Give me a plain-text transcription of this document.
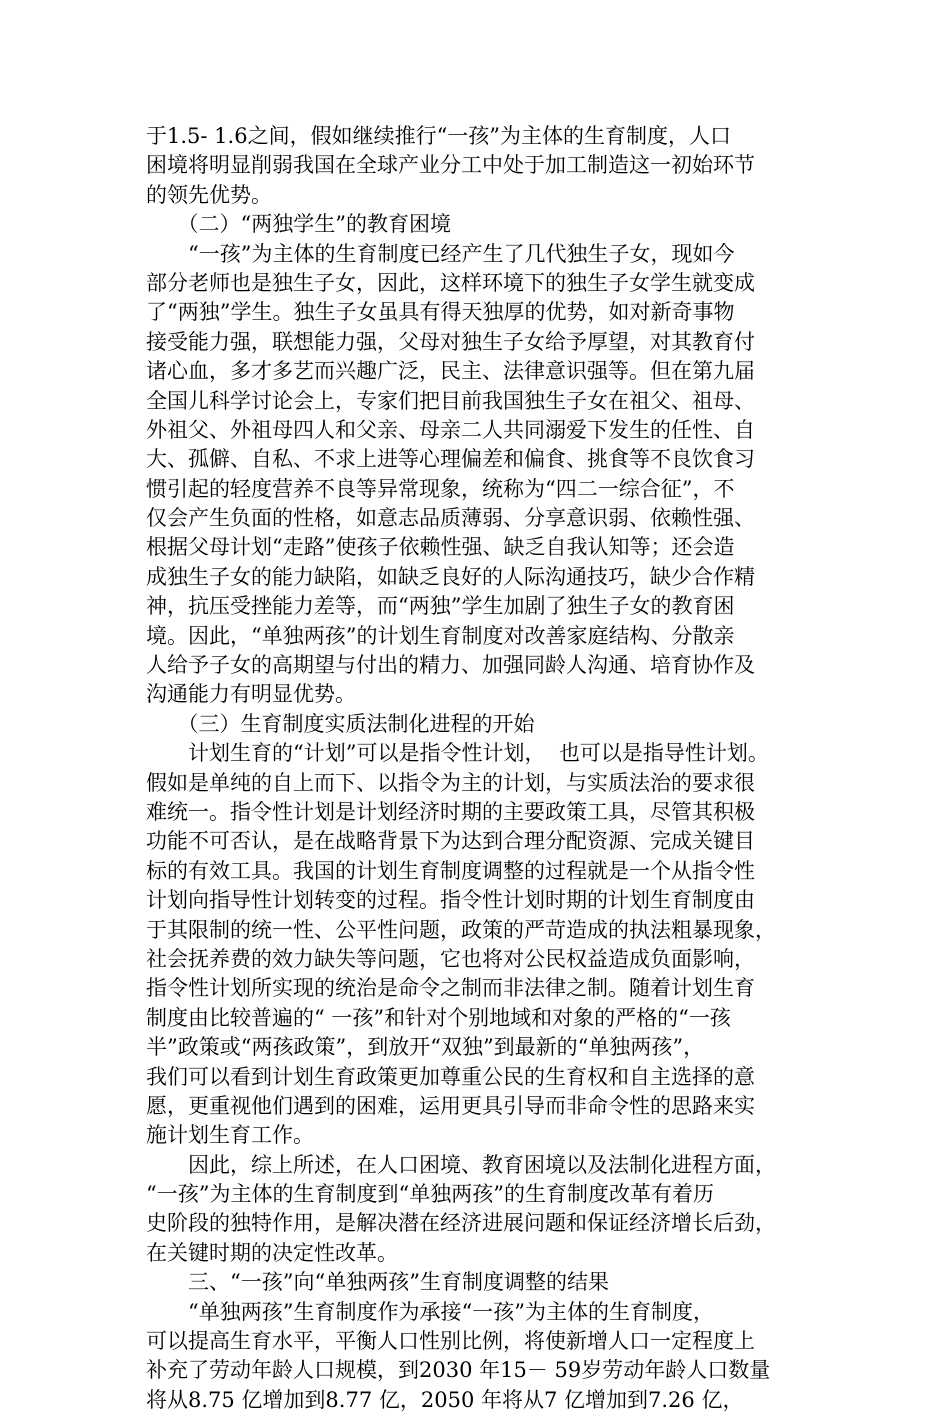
于1.5- 1.6之间，假如继续推行“一孩”为主体的生育制度，人口
困境将明显削弱我国在全球产业分工中处于加工制造这一初始环节
的领先优势。
　　（二）“两独学生”的教育困境
　　“一孩”为主体的生育制度已经产生了几代独生子女，现如今
部分老师也是独生子女，因此，这样环境下的独生子女学生就变成
了“两独”学生。独生子女虽具有得天独厚的优势，如对新奇事物
接受能力强，联想能力强，父母对独生子女给予厚望，对其教育付
诸心血，多才多艺而兴趣广泛，民主、法律意识强等。但在第九届
全国儿科学讨论会上，专家们把目前我国独生子女在祖父、祖母、
外祖父、外祖母四人和父亲、母亲二人共同溺爱下发生的任性、自
大、孤僻、自私、不求上进等心理偏差和偏食、挑食等不良饮食习
惯引起的轻度营养不良等异常现象，统称为“四二一综合征”，不
仅会产生负面的性格，如意志品质薄弱、分享意识弱、依赖性强、
根据父母计划“走路”使孩子依赖性强、缺乏自我认知等；还会造
成独生子女的能力缺陷，如缺乏良好的人际沟通技巧，缺少合作精
神，抗压受挫能力差等，而“两独”学生加剧了独生子女的教育困
境。因此，“单独两孩”的计划生育制度对改善家庭结构、分散亲
人给予子女的高期望与付出的精力、加强同龄人沟通、培育协作及
沟通能力有明显优势。
　　（三）生育制度实质法制化进程的开始
　　计划生育的“计划”可以是指令性计划，  也可以是指导性计划。
假如是单纯的自上而下、以指令为主的计划，与实质法治的要求很
难统一。指令性计划是计划经济时期的主要政策工具，尽管其积极
功能不可否认，是在战略背景下为达到合理分配资源、完成关键目
标的有效工具。我国的计划生育制度调整的过程就是一个从指令性
计划向指导性计划转变的过程。指令性计划时期的计划生育制度由
于其限制的统一性、公平性问题，政策的严苛造成的执法粗暴现象，
社会抚养费的效力缺失等问题，它也将对公民权益造成负面影响，
指令性计划所实现的统治是命令之制而非法律之制。随着计划生育
制度由比较普遍的“ 一孩”和针对个别地域和对象的严格的“一孩
半”政策或“两孩政策”，到放开“双独”到最新的“单独两孩”，
我们可以看到计划生育政策更加尊重公民的生育权和自主选择的意
愿，更重视他们遇到的困难，运用更具引导而非命令性的思路来实
施计划生育工作。
　　因此，综上所述，在人口困境、教育困境以及法制化进程方面，
“一孩”为主体的生育制度到“单独两孩”的生育制度改革有着历
史阶段的独特作用，是解决潜在经济进展问题和保证经济增长后劲，
在关键时期的决定性改革。
　　三、“一孩”向“单独两孩”生育制度调整的结果
　　“单独两孩”生育制度作为承接“一孩”为主体的生育制度，
可以提高生育水平，平衡人口性别比例，将使新增人口一定程度上
补充了劳动年龄人口规模，到2030 年15－ 59岁劳动年龄人口数量
将从8.75 亿增加到8.77 亿，2050 年将从7 亿增加到7.26 亿，
